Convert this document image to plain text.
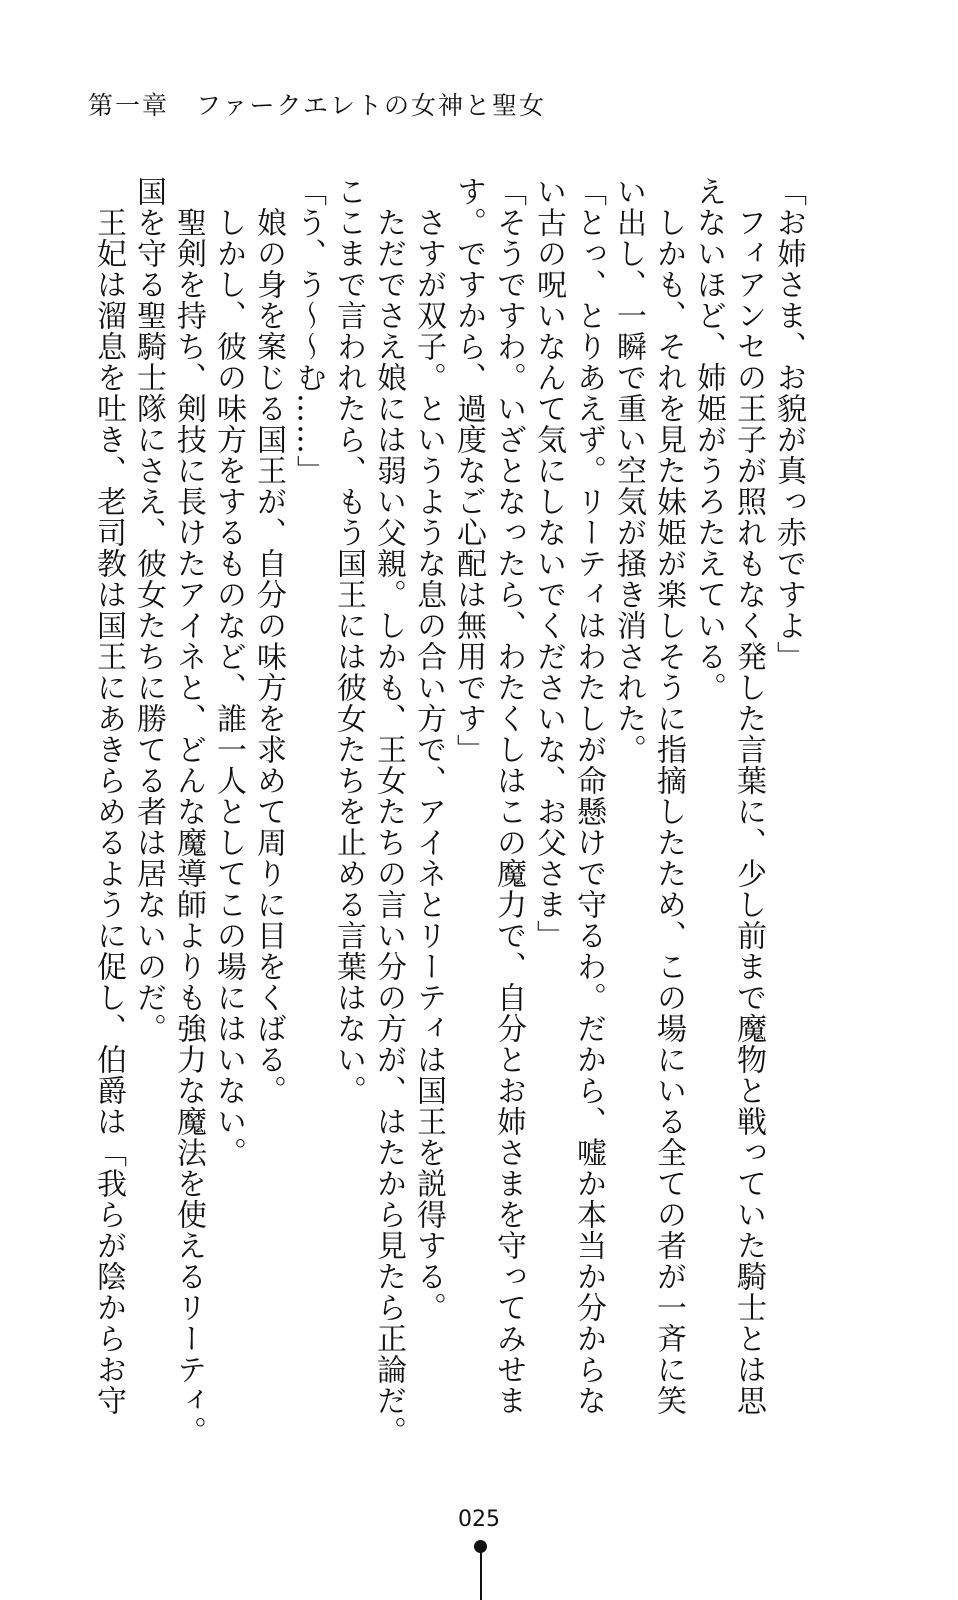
第一章　ファークエレトの女神と聖女

「お姉さま、お貌が真っ赤ですよ」

　フィアンセの王子が照れもなく発した言葉に、少し前まで魔物と戦っていた騎士とは思

えないほど、姉姫がうろたえている。

　しかも、それを見た妹姫が楽しそうに指摘したため、この場にいる全ての者が一斉に笑

い出し、一瞬で重い空気が掻き消された。

「とっ、とりあえず。リーティはわたしが命懸けで守るわ。だから、嘘か本当か分からな

い古の呪いなんて気にしないでくださいな、お父さま」

「そうですわ。いざとなったら、わたくしはこの魔力で、自分とお姉さまを守ってみせま

す。ですから、過度なご心配は無用です」

　さすが双子。というような息の合い方で、アイネとリーティは国王を説得する。

　ただでさえ娘には弱い父親。しかも、王女たちの言い分の方が、はたから見たら正論だ。

ここまで言われたら、もう国王には彼女たちを止める言葉はない。

「う、う～～む……」

　娘の身を案じる国王が、自分の味方を求めて周りに目をくばる。

　しかし、彼の味方をするものなど、誰一人としてこの場にはいない。

　聖剣を持ち、剣技に長けたアイネと、どんな魔導師よりも強力な魔法を使えるリーティ。

国を守る聖騎士隊にさえ、彼女たちに勝てる者は居ないのだ。

　王妃は溜息を吐き、老司教は国王にあきらめるように促し、伯爵は「我らが陰からお守

025
